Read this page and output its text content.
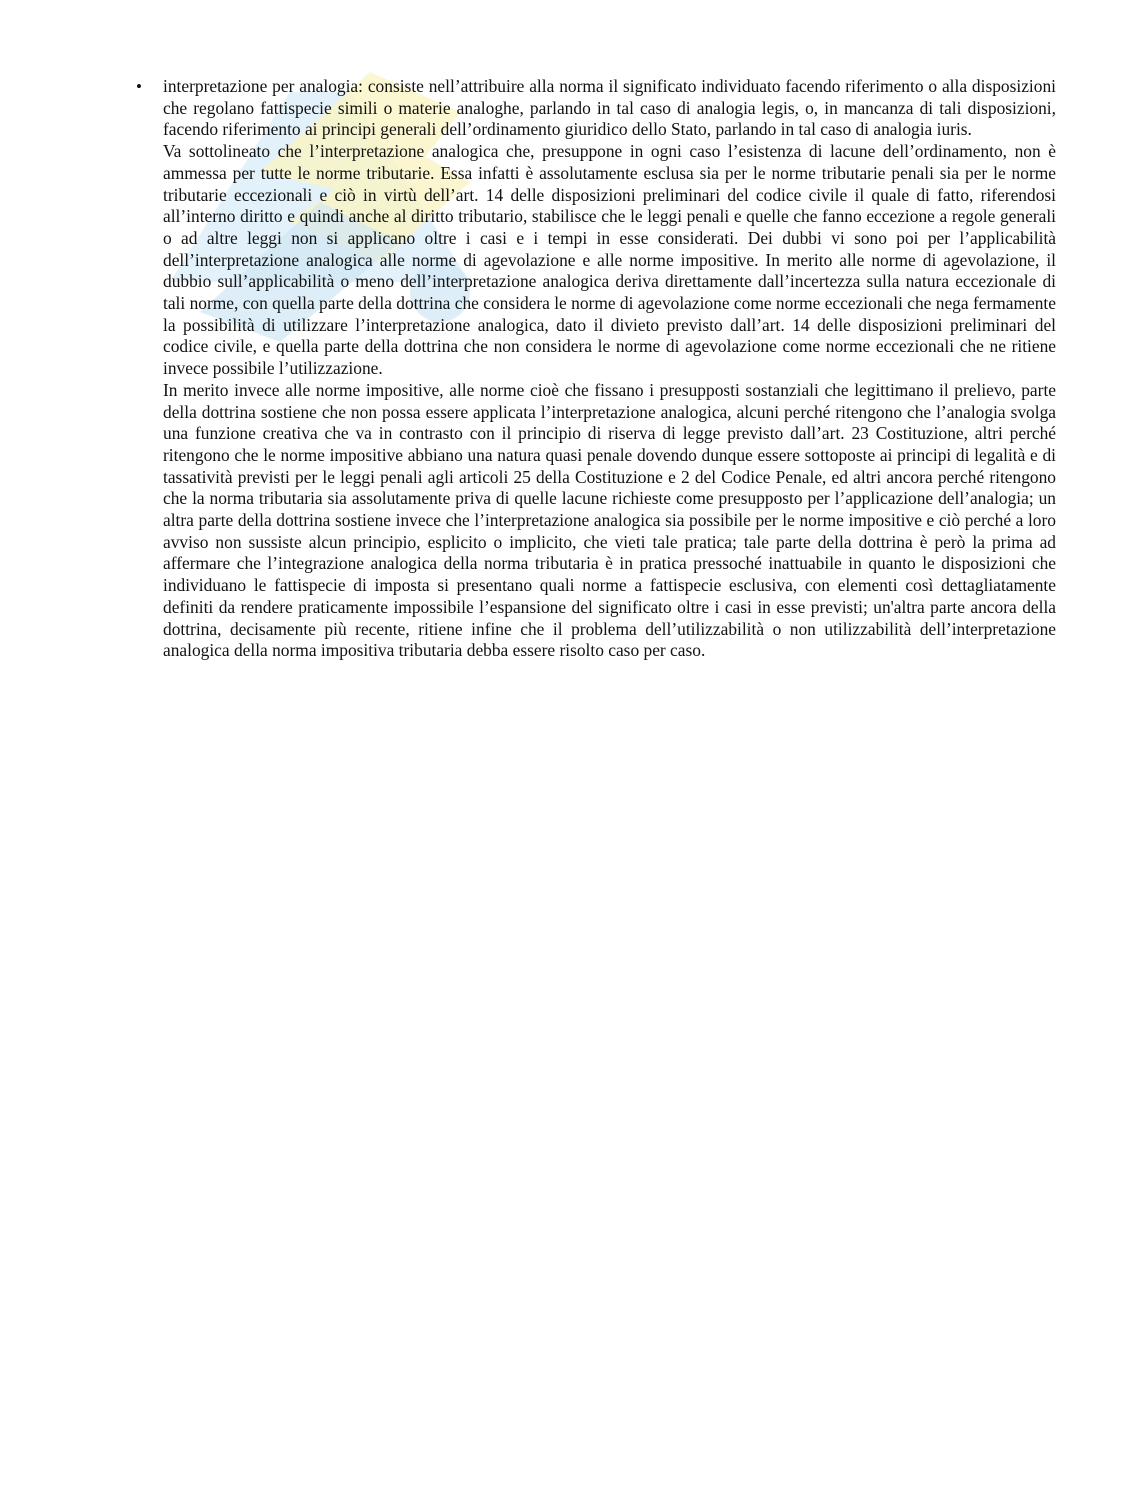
• interpretazione per analogia: consiste nell’attribuire alla norma il significato individuato facendo riferimento o alla disposizioni che regolano fattispecie simili o materie analoghe, parlando in tal caso di analogia legis, o, in mancanza di tali disposizioni, facendo riferimento ai principi generali dell’ordinamento giuridico dello Stato, parlando in tal caso di analogia iuris.

Va sottolineato che l’interpretazione analogica che, presuppone in ogni caso l’esistenza di lacune dell’ordinamento, non è ammessa per tutte le norme tributarie. Essa infatti è assolutamente esclusa sia per le norme tributarie penali sia per le norme tributarie eccezionali e ciò in virtù dell’art. 14 delle disposizioni preliminari del codice civile il quale di fatto, riferendosi all’interno diritto e quindi anche al diritto tributario, stabilisce che le leggi penali e quelle che fanno eccezione a regole generali o ad altre leggi non si applicano oltre i casi e i tempi in esse considerati. Dei dubbi vi sono poi per l’applicabilità dell’interpretazione analogica alle norme di agevolazione e alle norme impositive. In merito alle norme di agevolazione, il dubbio sull’applicabilità o meno dell’interpretazione analogica deriva direttamente dall’incertezza sulla natura eccezionale di tali norme, con quella parte della dottrina che considera le norme di agevolazione come norme eccezionali che nega fermamente la possibilità di utilizzare l’interpretazione analogica, dato il divieto previsto dall’art. 14 delle disposizioni preliminari del codice civile, e quella parte della dottrina che non considera le norme di agevolazione come norme eccezionali che ne ritiene invece possibile l’utilizzazione.

In merito invece alle norme impositive, alle norme cioè che fissano i presupposti sostanziali che legittimano il prelievo, parte della dottrina sostiene che non possa essere applicata l’interpretazione analogica, alcuni perché ritengono che l’analogia svolga una funzione creativa che va in contrasto con il principio di riserva di legge previsto dall’art. 23 Costituzione, altri perché ritengono che le norme impositive abbiano una natura quasi penale dovendo dunque essere sottoposte ai principi di legalità e di tassatività previsti per le leggi penali agli articoli 25 della Costituzione e 2 del Codice Penale, ed altri ancora perché ritengono che la norma tributaria sia assolutamente priva di quelle lacune richieste come presupposto per l’applicazione dell’analogia; un altra parte della dottrina sostiene invece che l’interpretazione analogica sia possibile per le norme impositive e ciò perché a loro avviso non sussiste alcun principio, esplicito o implicito, che vieti tale pratica; tale parte della dottrina è però la prima ad affermare che l’integrazione analogica della norma tributaria è in pratica pressoché inattuabile in quanto le disposizioni che individuano le fattispecie di imposta si presentano quali norme a fattispecie esclusiva, con elementi così dettagliatamente definiti da rendere praticamente impossibile l’espansione del significato oltre i casi in esse previsti; un'altra parte ancora della dottrina, decisamente più recente, ritiene infine che il problema dell’utilizzabilità o non utilizzabilità dell’interpretazione analogica della norma impositiva tributaria debba essere risolto caso per caso.
